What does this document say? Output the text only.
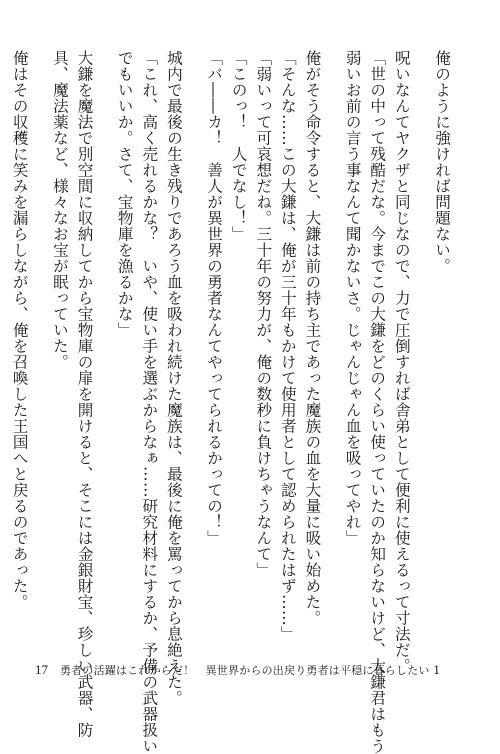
俺のように強ければ問題ない。
呪いなんてヤクザと同じなので、力で圧倒すれば舎弟として便利に使えるって寸法だ。
「世の中って残酷だな。今までこの大鎌をどのくらい使っていたのか知らないけど、大鎌君はもう
弱いお前の言う事なんて聞かないさ。じゃんじゃん血を吸ってやれ」
俺がそう命令すると、大鎌は前の持ち主であった魔族の血を大量に吸い始めた。
「そんな……この大鎌は、俺が三十年もかけて使用者として認められたはず……」
「弱いって可哀想だね。三十年の努力が、俺の数秒に負けちゃうなんて」
「このっ！　人でなし！」
「バ――カ！　善人が異世界の勇者なんてやってられるかっての！」
城内で最後の生き残りであろう血を吸われ続けた魔族は、最後に俺を罵ってから息絶えた。
「これ、高く売れるかな？　いや、使い手を選ぶからなぁ……研究材料にするか、予備の武器扱い
でもいいか。さて、宝物庫を漁るかな」
大鎌を魔法で別空間に収納してから宝物庫の扉を開けると、そこには金銀財宝、珍しい武器、防
具、魔法薬など、様々なお宝が眠っていた。
俺はその収穫に笑みを漏らしながら、俺を召喚した王国へと戻るのであった。
17 勇者の活躍はこれからだ！　異世界からの出戻り勇者は平穏に暮らしたい 1
